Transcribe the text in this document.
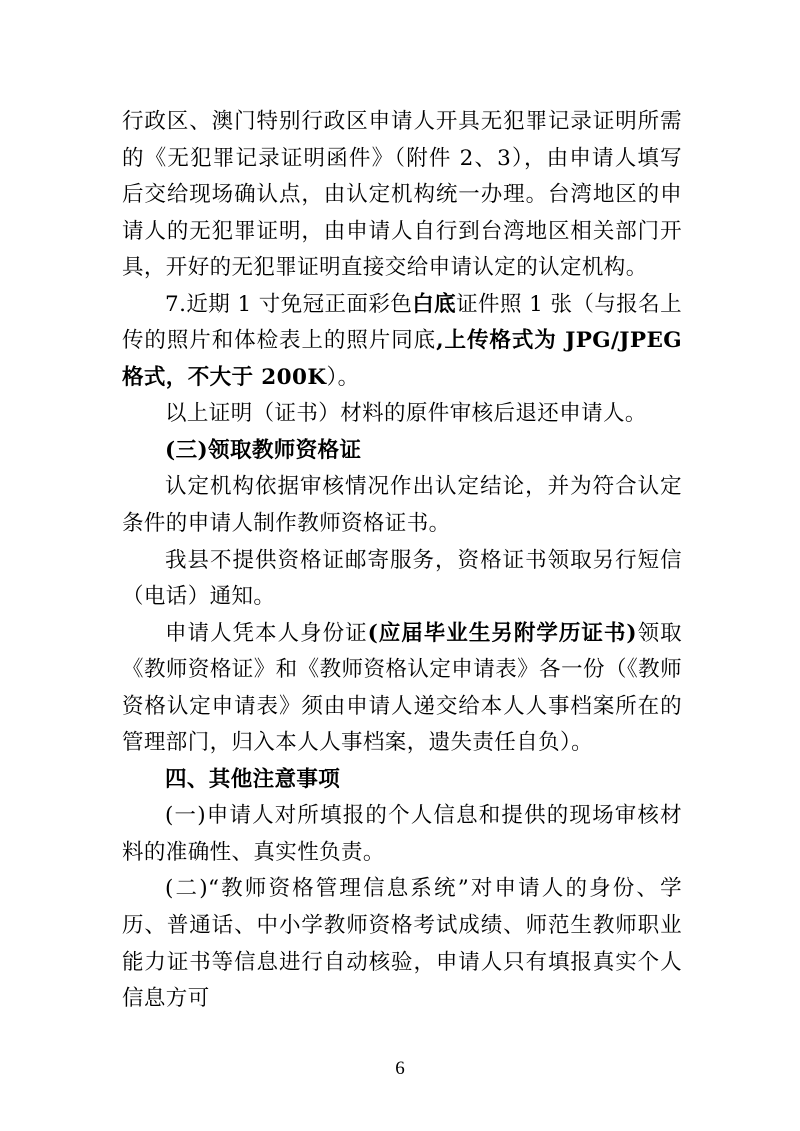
行政区、澳门特别行政区申请人开具无犯罪记录证明所需的《无犯罪记录证明函件》（附件 2、3），由申请人填写后交给现场确认点，由认定机构统一办理。台湾地区的申请人的无犯罪证明，由申请人自行到台湾地区相关部门开具，开好的无犯罪证明直接交给申请认定的认定机构。

7.近期 1 寸免冠正面彩色白底证件照 1 张（与报名上传的照片和体检表上的照片同底,上传格式为 JPG/JPEG 格式，不大于 200K）。

以上证明（证书）材料的原件审核后退还申请人。

(三)领取教师资格证

认定机构依据审核情况作出认定结论，并为符合认定条件的申请人制作教师资格证书。

我县不提供资格证邮寄服务，资格证书领取另行短信（电话）通知。

申请人凭本人身份证(应届毕业生另附学历证书)领取《教师资格证》和《教师资格认定申请表》各一份（《教师资格认定申请表》须由申请人递交给本人人事档案所在的管理部门，归入本人人事档案，遗失责任自负）。

四、其他注意事项

(一)申请人对所填报的个人信息和提供的现场审核材料的准确性、真实性负责。

(二)“教师资格管理信息系统”对申请人的身份、学历、普通话、中小学教师资格考试成绩、师范生教师职业能力证书等信息进行自动核验，申请人只有填报真实个人信息方可

6
